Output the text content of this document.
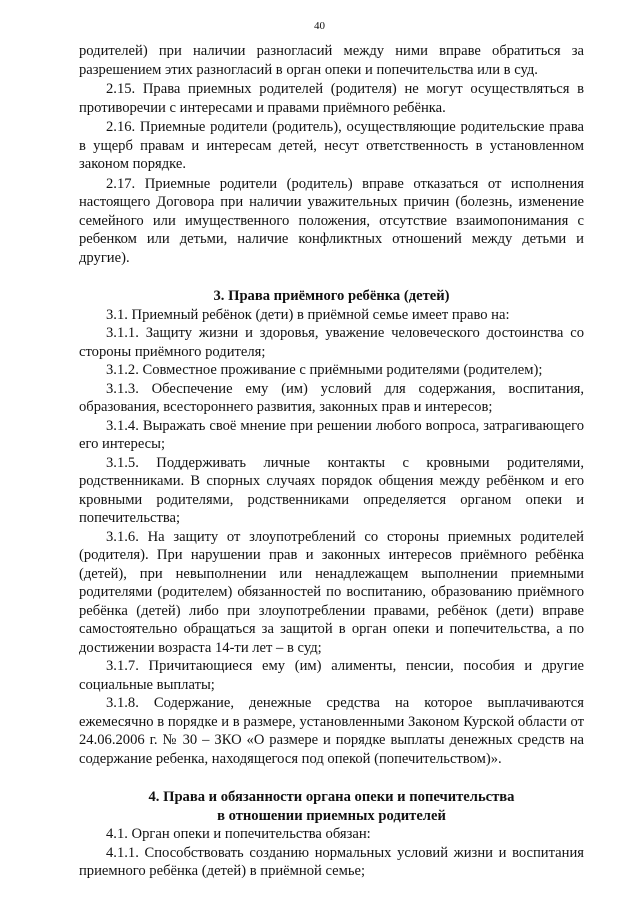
40

родителей) при наличии разногласий между ними вправе обратиться за разрешением этих разногласий в орган опеки и попечительства или в суд.

2.15. Права приемных родителей (родителя) не могут осуществляться в противоречии с интересами и правами приёмного ребёнка.

2.16. Приемные родители (родитель), осуществляющие родительские права в ущерб правам и интересам детей, несут ответственность в установленном законом порядке.

2.17. Приемные родители (родитель) вправе отказаться от исполнения настоящего Договора при наличии уважительных причин (болезнь, изменение семейного или имущественного положения, отсутствие взаимопонимания с ребенком или детьми, наличие конфликтных отношений между детьми и другие).

3. Права приёмного ребёнка (детей)

3.1. Приемный ребёнок (дети) в приёмной семье имеет право на:

3.1.1. Защиту жизни и здоровья, уважение человеческого достоинства со стороны приёмного родителя;

3.1.2. Совместное проживание с приёмными родителями (родителем);

3.1.3. Обеспечение ему (им) условий для содержания, воспитания, образования, всестороннего развития, законных прав и интересов;

3.1.4. Выражать своё мнение при решении любого вопроса, затрагивающего его интересы;

3.1.5. Поддерживать личные контакты с кровными родителями, родственниками. В спорных случаях порядок общения между ребёнком и его кровными родителями, родственниками определяется органом опеки и попечительства;

3.1.6. На защиту от злоупотреблений со стороны приемных родителей (родителя). При нарушении прав и законных интересов приёмного ребёнка (детей), при невыполнении или ненадлежащем выполнении приемными родителями (родителем) обязанностей по воспитанию, образованию приёмного ребёнка (детей) либо при злоупотреблении правами, ребёнок (дети) вправе самостоятельно обращаться за защитой в орган опеки и попечительства, а по достижении возраста 14-ти лет – в суд;

3.1.7. Причитающиеся ему (им) алименты, пенсии, пособия и другие социальные выплаты;

3.1.8. Содержание, денежные средства на которое выплачиваются ежемесячно в порядке и в размере, установленными Законом Курской области от 24.06.2006 г. № 30 – ЗКО «О размере и порядке выплаты денежных средств на содержание ребенка, находящегося под опекой (попечительством)».

4. Права и обязанности органа опеки и попечительства
в отношении приемных родителей

4.1. Орган опеки и попечительства обязан:

4.1.1. Способствовать созданию нормальных условий жизни и воспитания приемного ребёнка (детей) в приёмной семье;
